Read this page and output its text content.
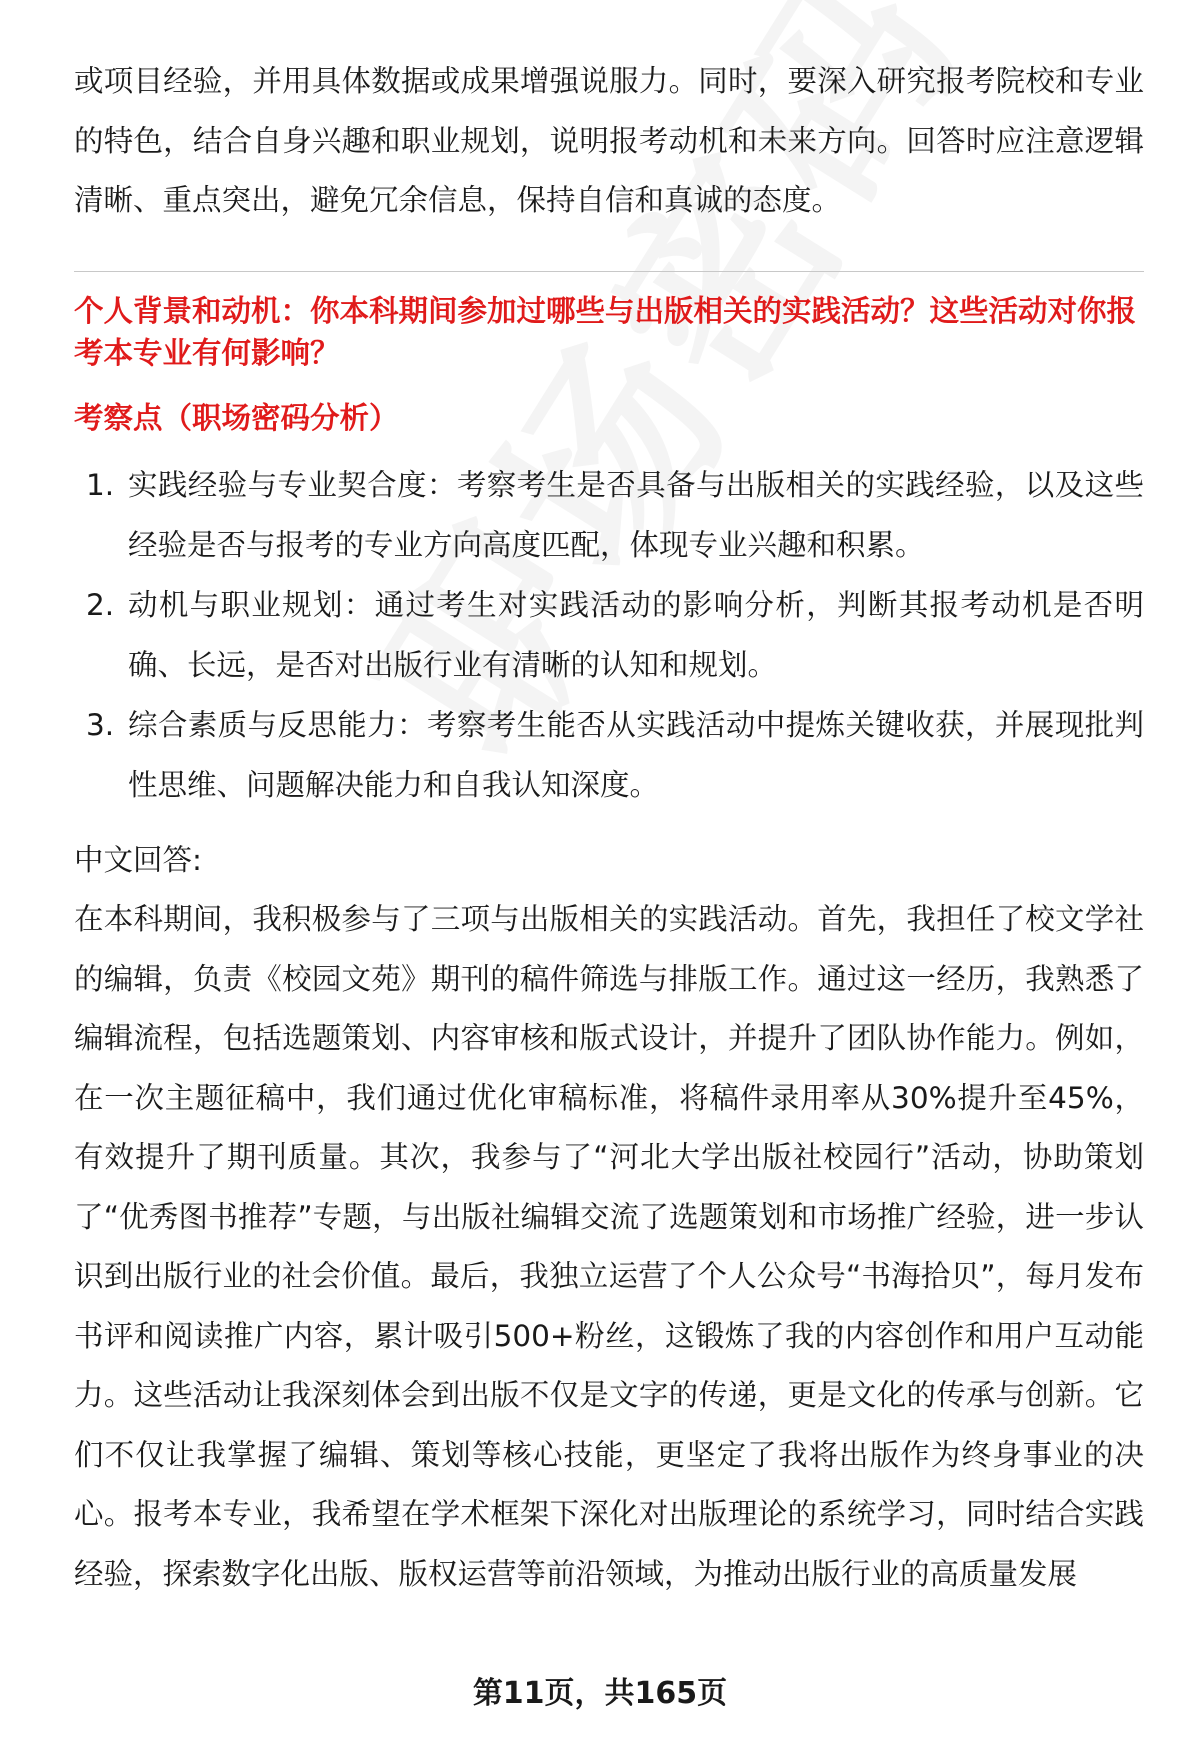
或项目经验，并用具体数据或成果增强说服力。同时，要深入研究报考院校和专业的特色，结合自身兴趣和职业规划，说明报考动机和未来方向。回答时应注意逻辑清晰、重点突出，避免冗余信息，保持自信和真诚的态度。

个人背景和动机：你本科期间参加过哪些与出版相关的实践活动？这些活动对你报考本专业有何影响？

考察点（职场密码分析）

1. 实践经验与专业契合度：考察考生是否具备与出版相关的实践经验，以及这些经验是否与报考的专业方向高度匹配，体现专业兴趣和积累。
2. 动机与职业规划：通过考生对实践活动的影响分析，判断其报考动机是否明确、长远，是否对出版行业有清晰的认知和规划。
3. 综合素质与反思能力：考察考生能否从实践活动中提炼关键收获，并展现批判性思维、问题解决能力和自我认知深度。

中文回答:

在本科期间，我积极参与了三项与出版相关的实践活动。首先，我担任了校文学社的编辑，负责《校园文苑》期刊的稿件筛选与排版工作。通过这一经历，我熟悉了编辑流程，包括选题策划、内容审核和版式设计，并提升了团队协作能力。例如，在一次主题征稿中，我们通过优化审稿标准，将稿件录用率从30%提升至45%，有效提升了期刊质量。其次，我参与了“河北大学出版社校园行”活动，协助策划了“优秀图书推荐”专题，与出版社编辑交流了选题策划和市场推广经验，进一步认识到出版行业的社会价值。最后，我独立运营了个人公众号“书海拾贝”，每月发布书评和阅读推广内容，累计吸引500+粉丝，这锻炼了我的内容创作和用户互动能力。这些活动让我深刻体会到出版不仅是文字的传递，更是文化的传承与创新。它们不仅让我掌握了编辑、策划等核心技能，更坚定了我将出版作为终身事业的决心。报考本专业，我希望在学术框架下深化对出版理论的系统学习，同时结合实践经验，探索数字化出版、版权运营等前沿领域，为推动出版行业的高质量发展

第11页，共165页
